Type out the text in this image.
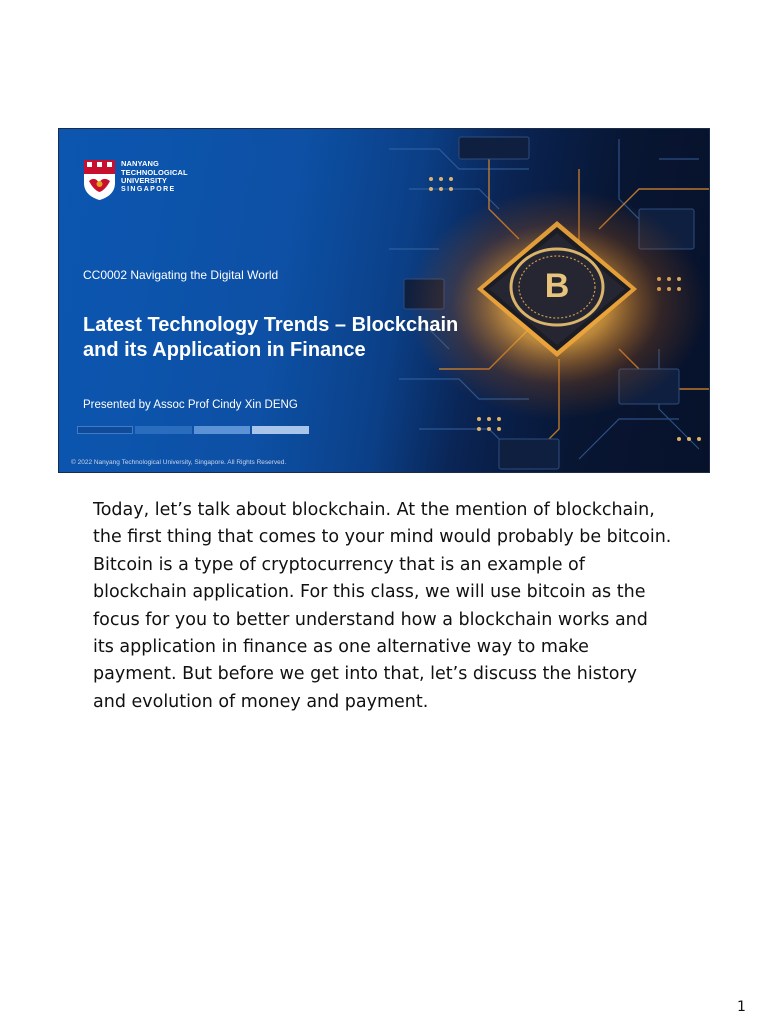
B
NANYANG
TECHNOLOGICAL
UNIVERSITY
SINGAPORE
CC0002 Navigating the Digital World
Latest Technology Trends – Blockchain and its Application in Finance
Presented by Assoc Prof Cindy Xin DENG
© 2022 Nanyang Technological University, Singapore. All Rights Reserved.

Today, let’s talk about blockchain. At the mention of blockchain, the first thing that comes to your mind would probably be bitcoin. Bitcoin is a type of cryptocurrency that is an example of blockchain application. For this class, we will use bitcoin as the focus for you to better understand how a blockchain works and its application in finance as one alternative way to make payment. But before we get into that, let’s discuss the history and evolution of money and payment.

1
